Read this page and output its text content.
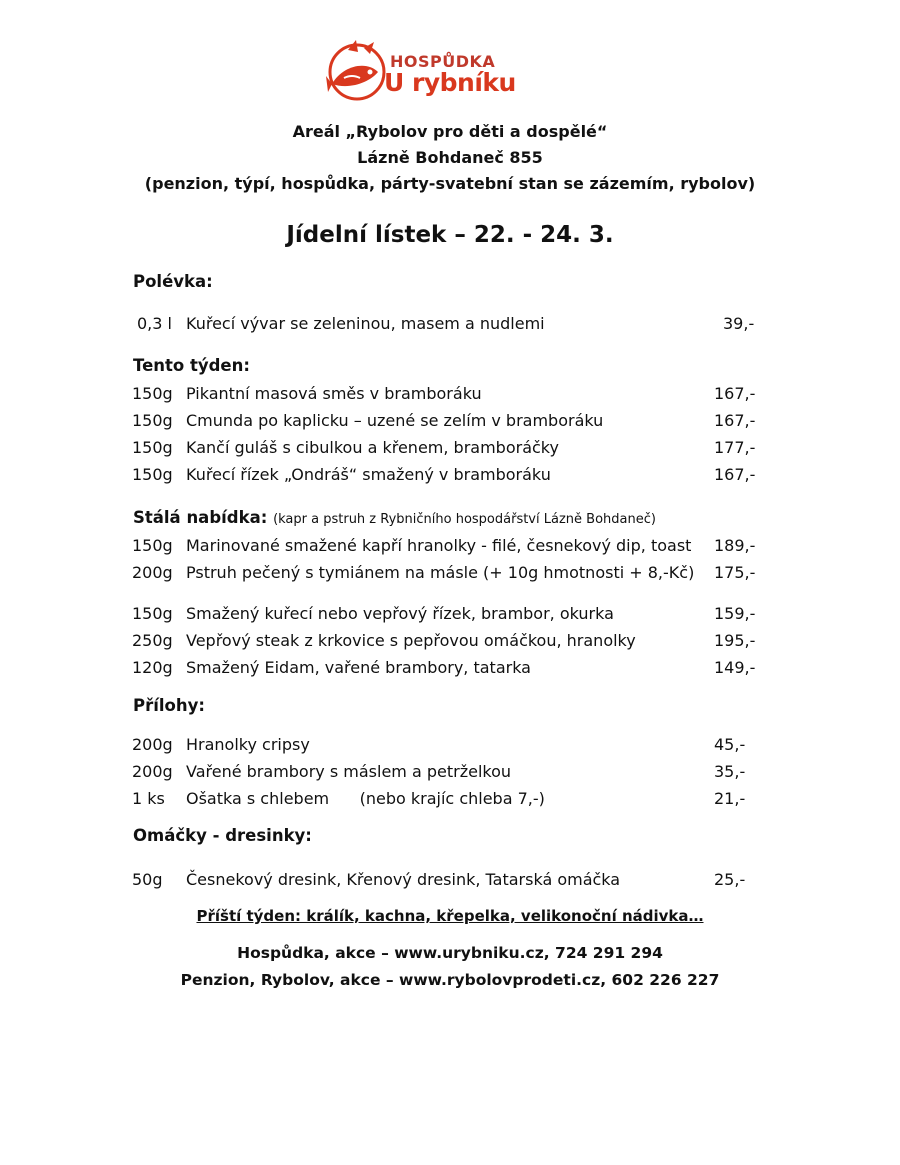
HOSPŮDKA
U rybníku
Areál „Rybolov pro děti a dospělé“
Lázně Bohdaneč 855
(penzion, týpí, hospůdka, párty-svatební stan se zázemím, rybolov)
Jídelní lístek – 22. - 24. 3.
Polévka:
0,3 l Kuřecí vývar se zeleninou, masem a nudlemi	39,-
Tento týden:
150g Pikantní masová směs v bramboráku	167,-
150g Cmunda po kaplicku – uzené se zelím v bramboráku	167,-
150g Kančí guláš s cibulkou a křenem, bramboráčky	177,-
150g Kuřecí řízek „Ondráš“ smažený v bramboráku	167,-
Stálá nabídka: (kapr a pstruh z Rybničního hospodářství Lázně Bohdaneč)
150g Marinované smažené kapří hranolky - filé, česnekový dip, toast 189,-
200g Pstruh pečený s tymiánem na másle (+ 10g hmotnosti + 8,-Kč) 175,-
150g Smažený kuřecí nebo vepřový řízek, brambor, okurka	159,-
250g Vepřový steak z krkovice s pepřovou omáčkou, hranolky	195,-
120g Smažený Eidam, vařené brambory, tatarka	149,-
Přílohy:
200g Hranolky cripsy	45,-
200g Vařené brambory s máslem a petrželkou	35,-
1 ks Ošatka s chlebem      (nebo krajíc chleba 7,-)	21,-
Omáčky - dresinky:
50g Česnekový dresink, Křenový dresink, Tatarská omáčka	25,-
Příští týden: králík, kachna, křepelka, velikonoční nádivka…
Hospůdka, akce – www.urybniku.cz, 724 291 294
Penzion, Rybolov, akce – www.rybolovprodeti.cz, 602 226 227
